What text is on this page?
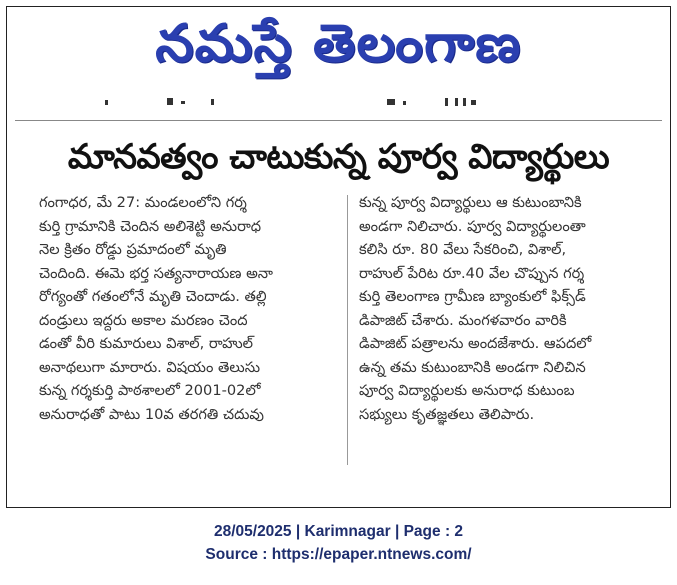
నమస్తే తెలంగాణ
మానవత్వం చాటుకున్న పూర్వ విద్యార్థులు
గంగాధర, మే 27: మండలంలోని గర్శ
కుర్తి గ్రామానికి చెందిన అలిశెట్టి అనురాధ
నెల క్రితం రోడ్డు ప్రమాదంలో మృతి
చెందింది. ఈమె భర్త సత్యనారాయణ అనా
రోగ్యంతో గతంలోనే మృతి చెందాడు. తల్లి
దండ్రులు ఇద్దరు అకాల మరణం చెంద
డంతో వీరి కుమారులు విశాల్, రాహుల్
అనాథలుగా మారారు. విషయం తెలుసు
కున్న గర్శకుర్తి పాఠశాలలో 2001-02లో
అనురాధతో పాటు 10వ తరగతి చదువు
కున్న పూర్వ విద్యార్థులు ఆ కుటుంబానికి
అండగా నిలిచారు. పూర్వ విద్యార్థులంతా
కలిసి రూ. 80 వేలు సేకరించి, విశాల్,
రాహుల్ పేరిట రూ.40 వేల చొప్పున గర్శ
కుర్తి తెలంగాణ గ్రామీణ బ్యాంకులో ఫిక్స్‌డ్
డిపాజిట్ చేశారు. మంగళవారం వారికి
డిపాజిట్ పత్రాలను అందజేశారు. ఆపదలో
ఉన్న తమ కుటుంబానికి అండగా నిలిచిన
పూర్వ విద్యార్థులకు అనురాధ కుటుంబ
సభ్యులు కృతజ్ఞతలు తెలిపారు.
28/05/2025 | Karimnagar | Page : 2
Source : https://epaper.ntnews.com/
